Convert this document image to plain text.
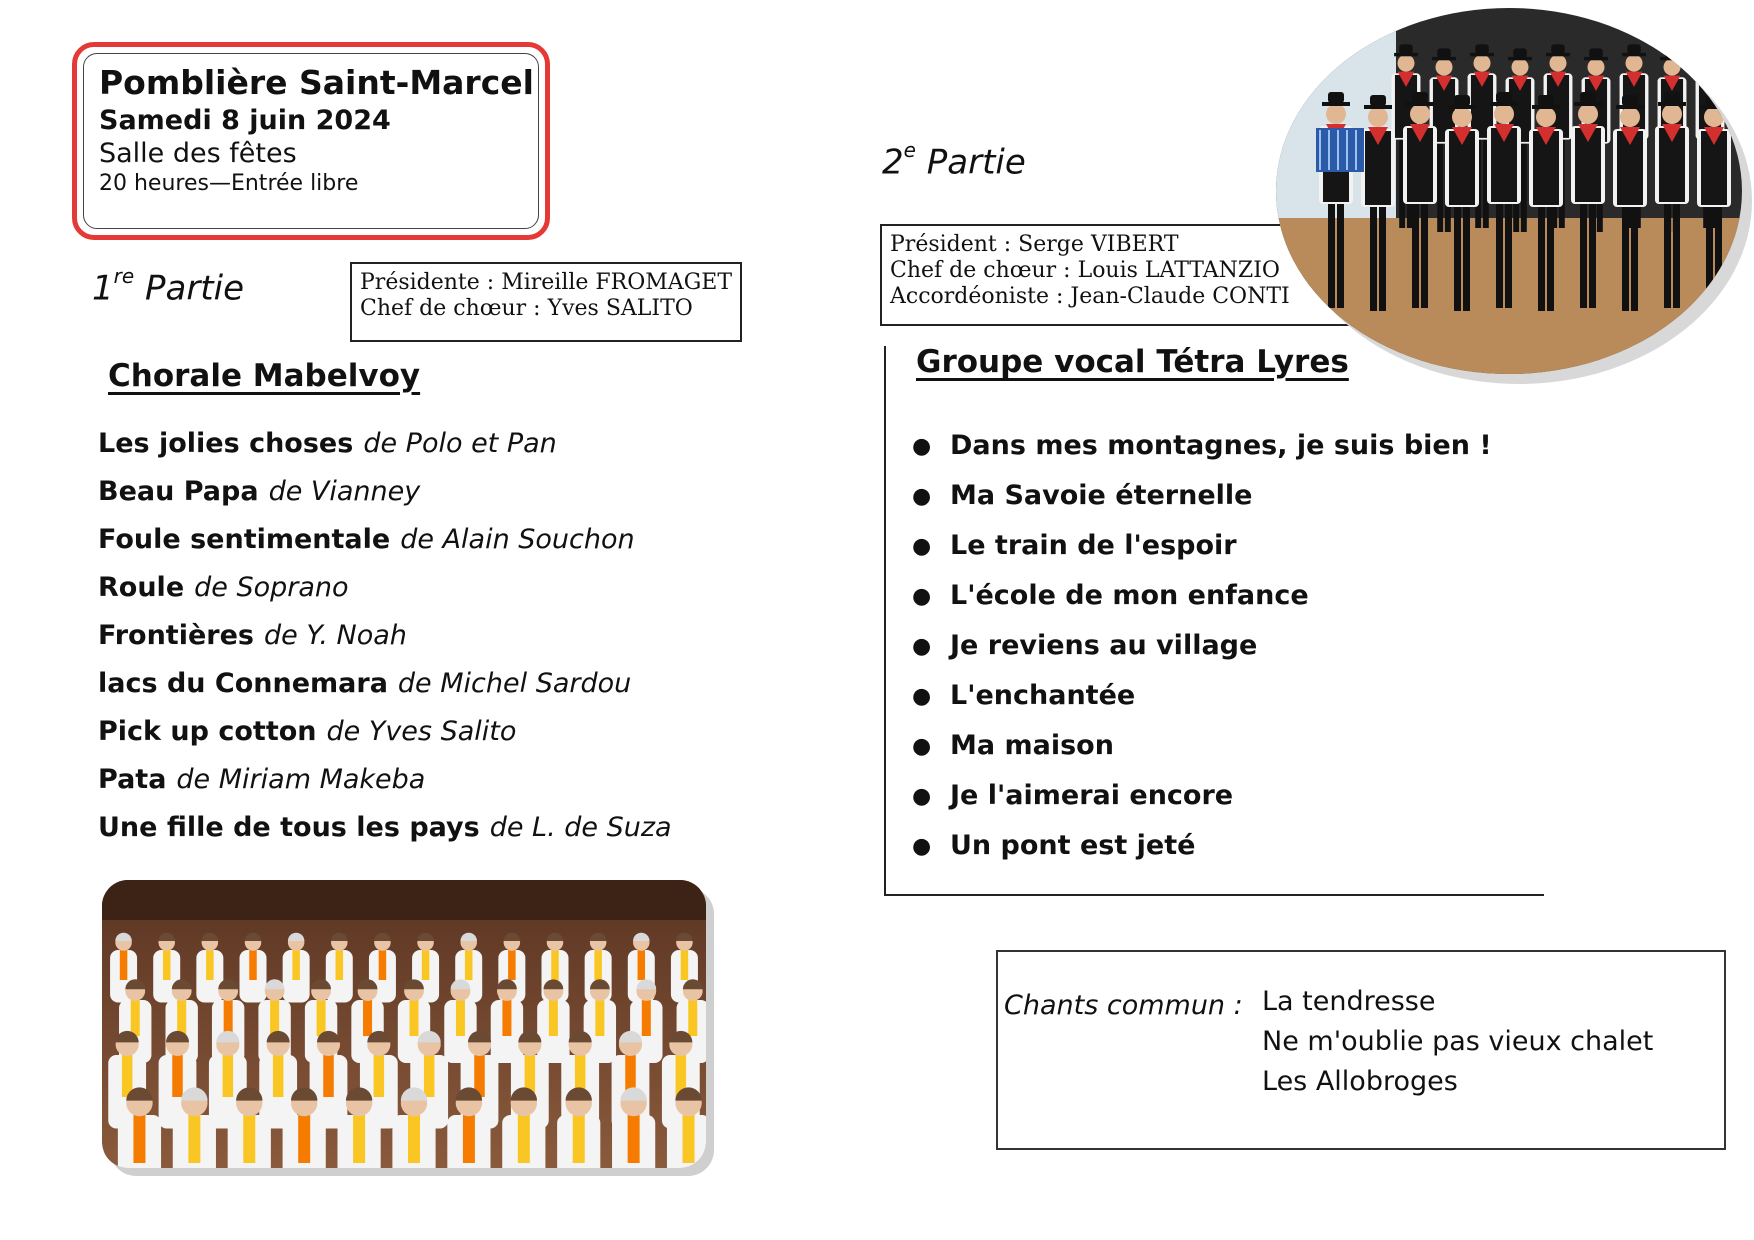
Pomblière Saint-Marcel
Samedi 8 juin 2024
Salle des fêtes
20 heures—Entrée libre
1re Partie	Présidente : Mireille FROMAGET
Chef de chœur : Yves SALITO
Chorale Mabelvoy
Les jolies choses de Polo et Pan
Beau Papa de Vianney
Foule sentimentale de Alain Souchon
Roule de Soprano
Frontières de Y. Noah
lacs du Connemara de Michel Sardou
Pick up cotton de Yves Salito
Pata de Miriam Makeba
Une fille de tous les pays de L. de Suza
2e Partie
Président : Serge VIBERT
Chef de chœur : Louis LATTANZIO
Accordéoniste : Jean-Claude CONTI
Groupe vocal Tétra Lyres
● Dans mes montagnes, je suis bien !
● Ma Savoie éternelle
● Le train de l'espoir
● L'école de mon enfance
● Je reviens au village
● L'enchantée
● Ma maison
● Je l'aimerai encore
● Un pont est jeté
Chants commun : La tendresse
Ne m'oublie pas vieux chalet
Les Allobroges
